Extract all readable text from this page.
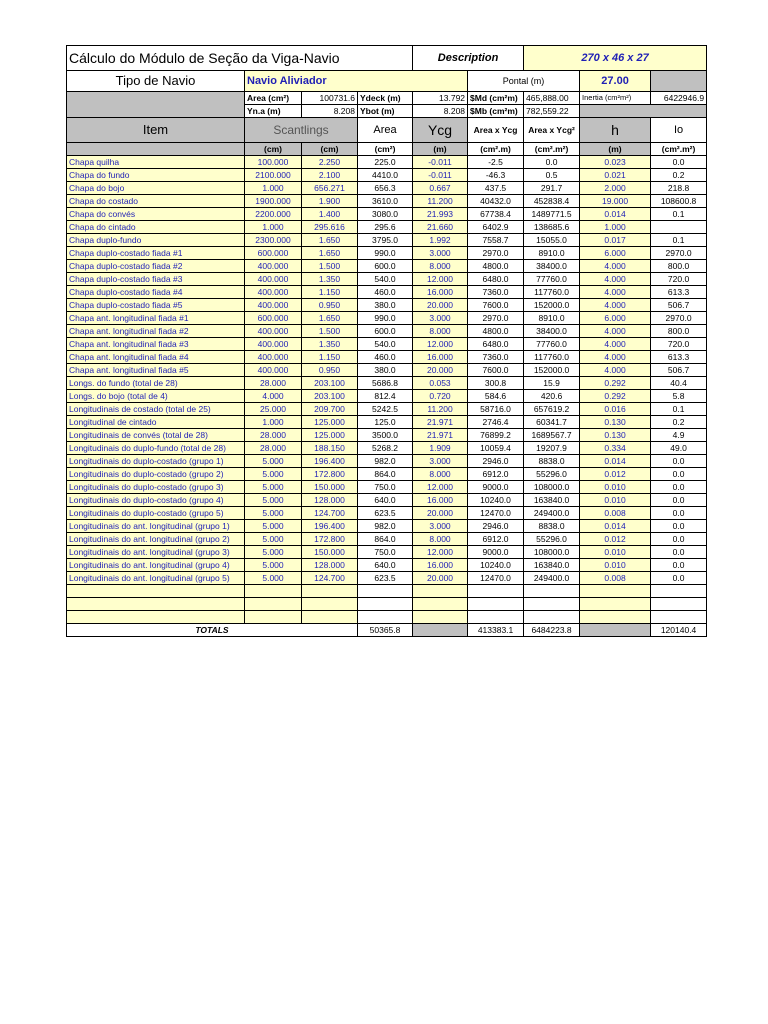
Cálculo do Módulo de Seção da Viga-Navio				Description		270 x 46 x 27		
Tipo de Navio	Navio Aliviador				Pontal (m)		27.00	
	Area (cm²)	100731.6	Ydeck (m)	13.792	$Md (cm²m)	465,888.00	Inertia (cm²m²)	6422946.9
	Yn.a (m)	8.208	Ybot (m)	8.208	$Mb (cm²m)	782,559.22		
Item	Scantlings		Area	Ycg	Area x Ycg	Area x Ycg²	h	Io
	(cm)	(cm)	(cm²)	(m)	(cm².m)	(cm².m²)	(m)	(cm².m²)
Chapa quilha	100.000	2.250	225.0	-0.011	-2.5	0.0	0.023	0.0
Chapa do fundo	2100.000	2.100	4410.0	-0.011	-46.3	0.5	0.021	0.2
Chapa do bojo	1.000	656.271	656.3	0.667	437.5	291.7	2.000	218.8
Chapa do costado	1900.000	1.900	3610.0	11.200	40432.0	452838.4	19.000	108600.8
Chapa do convés	2200.000	1.400	3080.0	21.993	67738.4	1489771.5	0.014	0.1
Chapa do cintado	1.000	295.616	295.6	21.660	6402.9	138685.6	1.000	
Chapa duplo-fundo	2300.000	1.650	3795.0	1.992	7558.7	15055.0	0.017	0.1
Chapa duplo-costado fiada #1	600.000	1.650	990.0	3.000	2970.0	8910.0	6.000	2970.0
Chapa duplo-costado fiada #2	400.000	1.500	600.0	8.000	4800.0	38400.0	4.000	800.0
Chapa duplo-costado fiada #3	400.000	1.350	540.0	12.000	6480.0	77760.0	4.000	720.0
Chapa duplo-costado fiada #4	400.000	1.150	460.0	16.000	7360.0	117760.0	4.000	613.3
Chapa duplo-costado fiada #5	400.000	0.950	380.0	20.000	7600.0	152000.0	4.000	506.7
Chapa ant. longitudinal fiada #1	600.000	1.650	990.0	3.000	2970.0	8910.0	6.000	2970.0
Chapa ant. longitudinal fiada #2	400.000	1.500	600.0	8.000	4800.0	38400.0	4.000	800.0
Chapa ant. longitudinal fiada #3	400.000	1.350	540.0	12.000	6480.0	77760.0	4.000	720.0
Chapa ant. longitudinal fiada #4	400.000	1.150	460.0	16.000	7360.0	117760.0	4.000	613.3
Chapa ant. longitudinal fiada #5	400.000	0.950	380.0	20.000	7600.0	152000.0	4.000	506.7
Longs. do fundo (total de 28)	28.000	203.100	5686.8	0.053	300.8	15.9	0.292	40.4
Longs. do bojo (total de 4)	4.000	203.100	812.4	0.720	584.6	420.6	0.292	5.8
Longitudinais de costado (total de 25)	25.000	209.700	5242.5	11.200	58716.0	657619.2	0.016	0.1
Longitudinal de cintado	1.000	125.000	125.0	21.971	2746.4	60341.7	0.130	0.2
Longitudinais de convés (total de 28)	28.000	125.000	3500.0	21.971	76899.2	1689567.7	0.130	4.9
Longitudinais do duplo-fundo (total de 28)	28.000	188.150	5268.2	1.909	10059.4	19207.9	0.334	49.0
Longitudinais do duplo-costado (grupo 1)	5.000	196.400	982.0	3.000	2946.0	8838.0	0.014	0.0
Longitudinais do duplo-costado (grupo 2)	5.000	172.800	864.0	8.000	6912.0	55296.0	0.012	0.0
Longitudinais do duplo-costado (grupo 3)	5.000	150.000	750.0	12.000	9000.0	108000.0	0.010	0.0
Longitudinais do duplo-costado (grupo 4)	5.000	128.000	640.0	16.000	10240.0	163840.0	0.010	0.0
Longitudinais do duplo-costado (grupo 5)	5.000	124.700	623.5	20.000	12470.0	249400.0	0.008	0.0
Longitudinais do ant. longitudinal (grupo 1)	5.000	196.400	982.0	3.000	2946.0	8838.0	0.014	0.0
Longitudinais do ant. longitudinal (grupo 2)	5.000	172.800	864.0	8.000	6912.0	55296.0	0.012	0.0
Longitudinais do ant. longitudinal (grupo 3)	5.000	150.000	750.0	12.000	9000.0	108000.0	0.010	0.0
Longitudinais do ant. longitudinal (grupo 4)	5.000	128.000	640.0	16.000	10240.0	163840.0	0.010	0.0
Longitudinais do ant. longitudinal (grupo 5)	5.000	124.700	623.5	20.000	12470.0	249400.0	0.008	0.0

TOTALS			50365.8		413383.1	6484223.8		120140.4
